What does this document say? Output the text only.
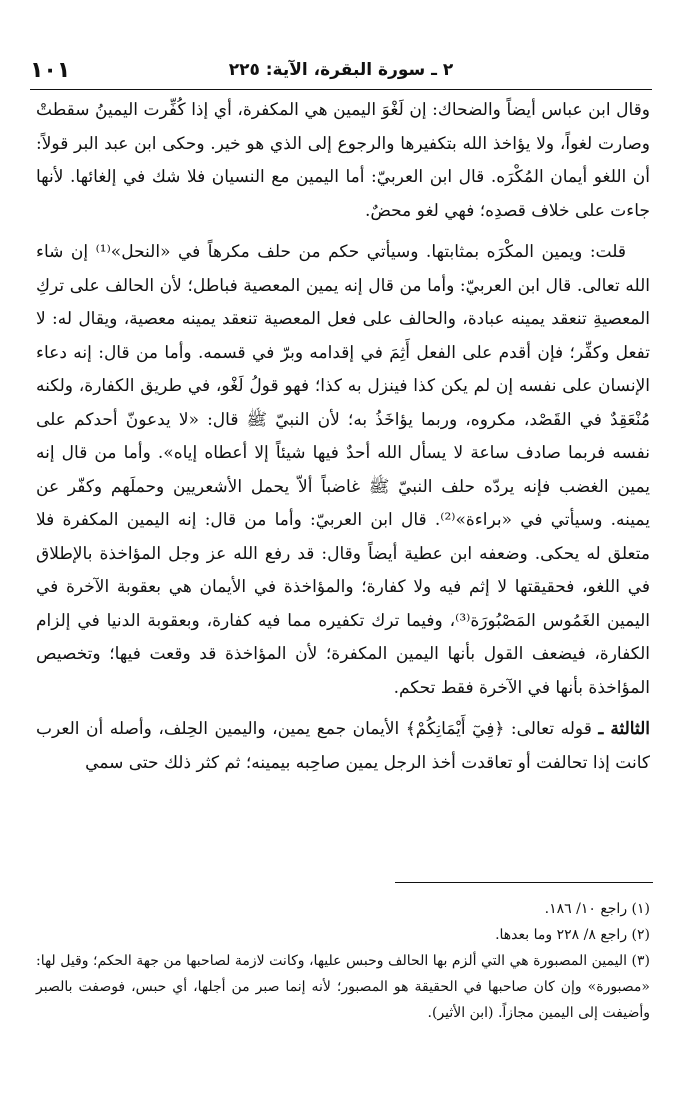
١٠١	٢ ـ سورة البقرة، الآية: ٢٢٥

وقال ابن عباس أيضاً والضحاك: إن لَغْوَ اليمين هي المكفرة، أي إذا كُفِّرت اليمينُ سقطتْ وصارت لغواً، ولا يؤاخذ الله بتكفيرها والرجوع إلى الذي هو خير. وحكى ابن عبد البر قولاً: أن اللغو أيمان المُكْرَه. قال ابن العربيّ: أما اليمين مع النسيان فلا شك في إلغائها. لأنها جاءت على خلاف قصدِه؛ فهي لغو محضٌ.

قلت: ويمين المكْرَه بمثابتها. وسيأتي حكم من حلف مكرهاً في «النحل»⁽¹⁾ إن شاء الله تعالى. قال ابن العربيّ: وأما من قال إنه يمين المعصية فباطل؛ لأن الحالف على تركِ المعصيةِ تنعقد يمينه عبادة، والحالف على فعل المعصية تنعقد يمينه معصية، ويقال له: لا تفعل وكفِّر؛ فإن أقدم على الفعل أَثِمَ في إقدامه وبرّ في قسمه. وأما من قال: إنه دعاء الإنسان على نفسه إن لم يكن كذا فينزل به كذا؛ فهو قولُ لَغْو، في طريق الكفارة، ولكنه مُنْعَقِدٌ في القَصْد، مكروه، وربما يؤاخَذُ به؛ لأن النبيّ ﷺ قال: «لا يدعونّ أحدكم على نفسه فربما صادف ساعة لا يسأل الله أحدٌ فيها شيئاً إلا أعطاه إياه». وأما من قال إنه يمين الغضب فإنه يردّه حلف النبيّ ﷺ غاضباً ألاّ يحمل الأشعريين وحملَهم وكفّر عن يمينه. وسيأتي في «براءة»⁽²⁾. قال ابن العربيّ: وأما من قال: إنه اليمين المكفرة فلا متعلق له يحكى. وضعفه ابن عطية أيضاً وقال: قد رفع الله عز وجل المؤاخذة بالإطلاق في اللغو، فحقيقتها لا إثم فيه ولا كفارة؛ والمؤاخذة في الأيمان هي بعقوبة الآخرة في اليمين الغَمُوس المَصْبُورَة⁽³⁾، وفيما ترك تكفيره مما فيه كفارة، وبعقوبة الدنيا في إلزام الكفارة، فيضعف القول بأنها اليمين المكفرة؛ لأن المؤاخذة قد وقعت فيها؛ وتخصيص المؤاخذة بأنها في الآخرة فقط تحكم.

الثالثة ـ قوله تعالى: ﴿فِيٓ أَيْمَانِكُمْ﴾ الأيمان جمع يمين، واليمين الحِلف، وأصله أن العرب كانت إذا تحالفت أو تعاقدت أخذ الرجل يمين صاحِبه بيمينه؛ ثم كثر ذلك حتى سمي

(١) راجع ١٠/ ١٨٦.

(٢) راجع ٨/ ٢٢٨ وما بعدها.

(٣) اليمين المصبورة هي التي ألزم بها الحالف وحبس عليها، وكانت لازمة لصاحبها من جهة الحكم؛ وقيل لها: «مصبورة» وإن كان صاحبها في الحقيقة هو المصبور؛ لأنه إنما صبر من أجلها، أي حبس، فوصفت بالصبر وأضيفت إلى اليمين مجازاً. (ابن الأثير).
